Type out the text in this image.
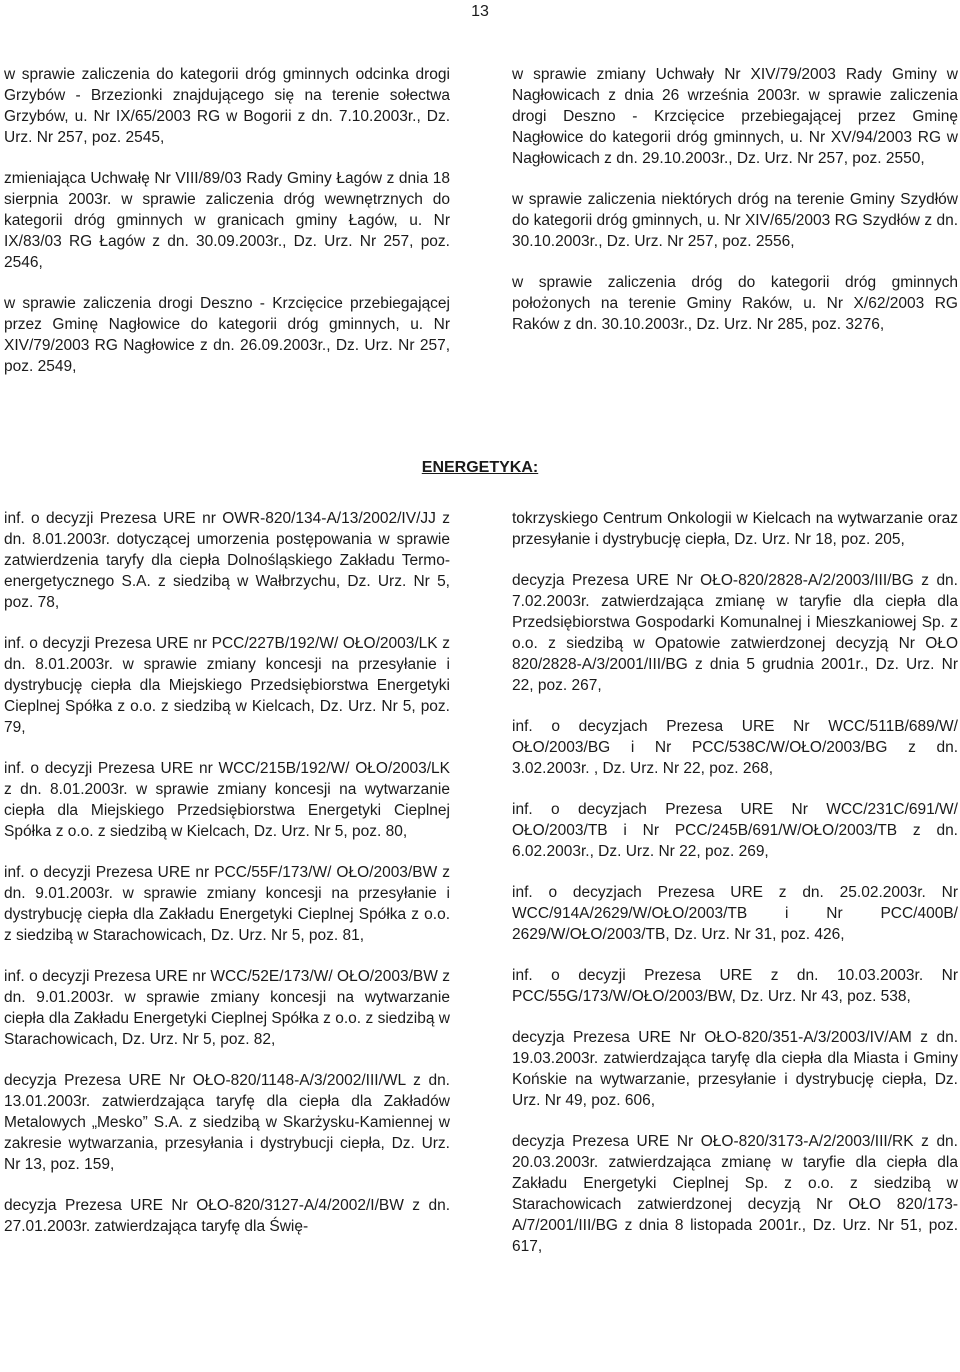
13

w sprawie zaliczenia do kategorii dróg gminnych odcinka drogi Grzybów - Brzezionki znajdującego się na terenie sołectwa Grzybów, u. Nr IX/65/2003 RG w Bogorii z dn. 7.10.2003r., Dz. Urz. Nr 257, poz. 2545,

zmieniająca Uchwałę Nr VIII/89/03 Rady Gminy Łagów z dnia 18 sierpnia 2003r. w sprawie zaliczenia dróg wewnętrznych do kategorii dróg gminnych w granicach gminy Łagów, u. Nr IX/83/03 RG Łagów z dn. 30.09.2003r., Dz. Urz. Nr 257, poz. 2546,

w sprawie zaliczenia drogi Deszno - Krzcięcice przebiegającej przez Gminę Nagłowice do kategorii dróg gminnych, u. Nr XIV/79/2003 RG Nagłowice z dn. 26.09.2003r., Dz. Urz. Nr 257, poz. 2549,

w sprawie zmiany Uchwały Nr XIV/79/2003 Rady Gminy w Nagłowicach z dnia 26 września 2003r. w sprawie zaliczenia drogi Deszno - Krzcięcice przebiegającej przez Gminę Nagłowice do kategorii dróg gminnych, u. Nr XV/94/2003 RG w Nagłowicach z dn. 29.10.2003r., Dz. Urz. Nr 257, poz. 2550,

w sprawie zaliczenia niektórych dróg na terenie Gminy Szydłów do kategorii dróg gminnych, u. Nr XIV/65/2003 RG Szydłów z dn. 30.10.2003r., Dz. Urz. Nr 257, poz. 2556,

w sprawie zaliczenia dróg do kategorii dróg gminnych położonych na terenie Gminy Raków, u. Nr X/62/2003 RG Raków z dn. 30.10.2003r., Dz. Urz. Nr 285, poz. 3276,

ENERGETYKA:

inf. o decyzji Prezesa URE nr OWR-820/134-A/13/2002/IV/JJ z dn. 8.01.2003r. dotyczącej umorzenia postępowania w sprawie zatwierdzenia taryfy dla ciepła Dolnośląskiego Zakładu Termoenergetycznego S.A. z siedzibą w Wałbrzychu, Dz. Urz. Nr 5, poz. 78,

inf. o decyzji Prezesa URE nr PCC/227B/192/W/ OŁO/2003/LK z dn. 8.01.2003r. w sprawie zmiany koncesji na przesyłanie i dystrybucję ciepła dla Miejskiego Przedsiębiorstwa Energetyki Cieplnej Spółka z o.o. z siedzibą w Kielcach, Dz. Urz. Nr 5, poz. 79,

inf. o decyzji Prezesa URE nr WCC/215B/192/W/ OŁO/2003/LK z dn. 8.01.2003r. w sprawie zmiany koncesji na wytwarzanie ciepła dla Miejskiego Przedsiębiorstwa Energetyki Cieplnej Spółka z o.o. z siedzibą w Kielcach, Dz. Urz. Nr 5, poz. 80,

inf. o decyzji Prezesa URE nr PCC/55F/173/W/ OŁO/2003/BW z dn. 9.01.2003r. w sprawie zmiany koncesji na przesyłanie i dystrybucję ciepła dla Zakładu Energetyki Cieplnej Spółka z o.o. z siedzibą w Starachowicach, Dz. Urz. Nr 5, poz. 81,

inf. o decyzji Prezesa URE nr WCC/52E/173/W/ OŁO/2003/BW z dn. 9.01.2003r. w sprawie zmiany koncesji na wytwarzanie ciepła dla Zakładu Energetyki Cieplnej Spółka z o.o. z siedzibą w Starachowicach, Dz. Urz. Nr 5, poz. 82,

decyzja Prezesa URE Nr OŁO-820/1148-A/3/2002/III/WL z dn. 13.01.2003r. zatwierdzająca taryfę dla ciepła dla Zakładów Metalowych „Mesko” S.A. z siedzibą w Skarżysku-Kamiennej w zakresie wytwarzania, przesyłania i dystrybucji ciepła, Dz. Urz. Nr 13, poz. 159,

decyzja Prezesa URE Nr OŁO-820/3127-A/4/2002/I/BW z dn. 27.01.2003r. zatwierdzająca taryfę dla Świę-

tokrzyskiego Centrum Onkologii w Kielcach na wytwarzanie oraz przesyłanie i dystrybucję ciepła, Dz. Urz. Nr 18, poz. 205,

decyzja Prezesa URE Nr OŁO-820/2828-A/2/2003/III/BG z dn. 7.02.2003r. zatwierdzająca zmianę w taryfie dla ciepła dla Przedsiębiorstwa Gospodarki Komunalnej i Mieszkaniowej Sp. z o.o. z siedzibą w Opatowie zatwierdzonej decyzją Nr OŁO 820/2828-A/3/2001/III/BG z dnia 5 grudnia 2001r., Dz. Urz. Nr 22, poz. 267,

inf. o decyzjach Prezesa URE Nr WCC/511B/689/W/ OŁO/2003/BG i Nr PCC/538C/W/OŁO/2003/BG z dn. 3.02.2003r. , Dz. Urz. Nr 22, poz. 268,

inf. o decyzjach Prezesa URE Nr WCC/231C/691/W/ OŁO/2003/TB i Nr PCC/245B/691/W/OŁO/2003/TB z dn. 6.02.2003r., Dz. Urz. Nr 22, poz. 269,

inf. o decyzjach Prezesa URE z dn. 25.02.2003r. Nr WCC/914A/2629/W/OŁO/2003/TB i Nr PCC/400B/ 2629/W/OŁO/2003/TB, Dz. Urz. Nr 31, poz. 426,

inf. o decyzji Prezesa URE z dn. 10.03.2003r. Nr PCC/55G/173/W/OŁO/2003/BW, Dz. Urz. Nr 43, poz. 538,

decyzja Prezesa URE Nr OŁO-820/351-A/3/2003/IV/AM z dn. 19.03.2003r. zatwierdzająca taryfę dla ciepła dla Miasta i Gminy Końskie na wytwarzanie, przesyłanie i dystrybucję ciepła, Dz. Urz. Nr 49, poz. 606,

decyzja Prezesa URE Nr OŁO-820/3173-A/2/2003/III/RK z dn. 20.03.2003r. zatwierdzająca zmianę w taryfie dla ciepła dla Zakładu Energetyki Cieplnej Sp. z o.o. z siedzibą w Starachowicach zatwierdzonej decyzją Nr OŁO 820/173-A/7/2001/III/BG z dnia 8 listopada 2001r., Dz. Urz. Nr 51, poz. 617,
